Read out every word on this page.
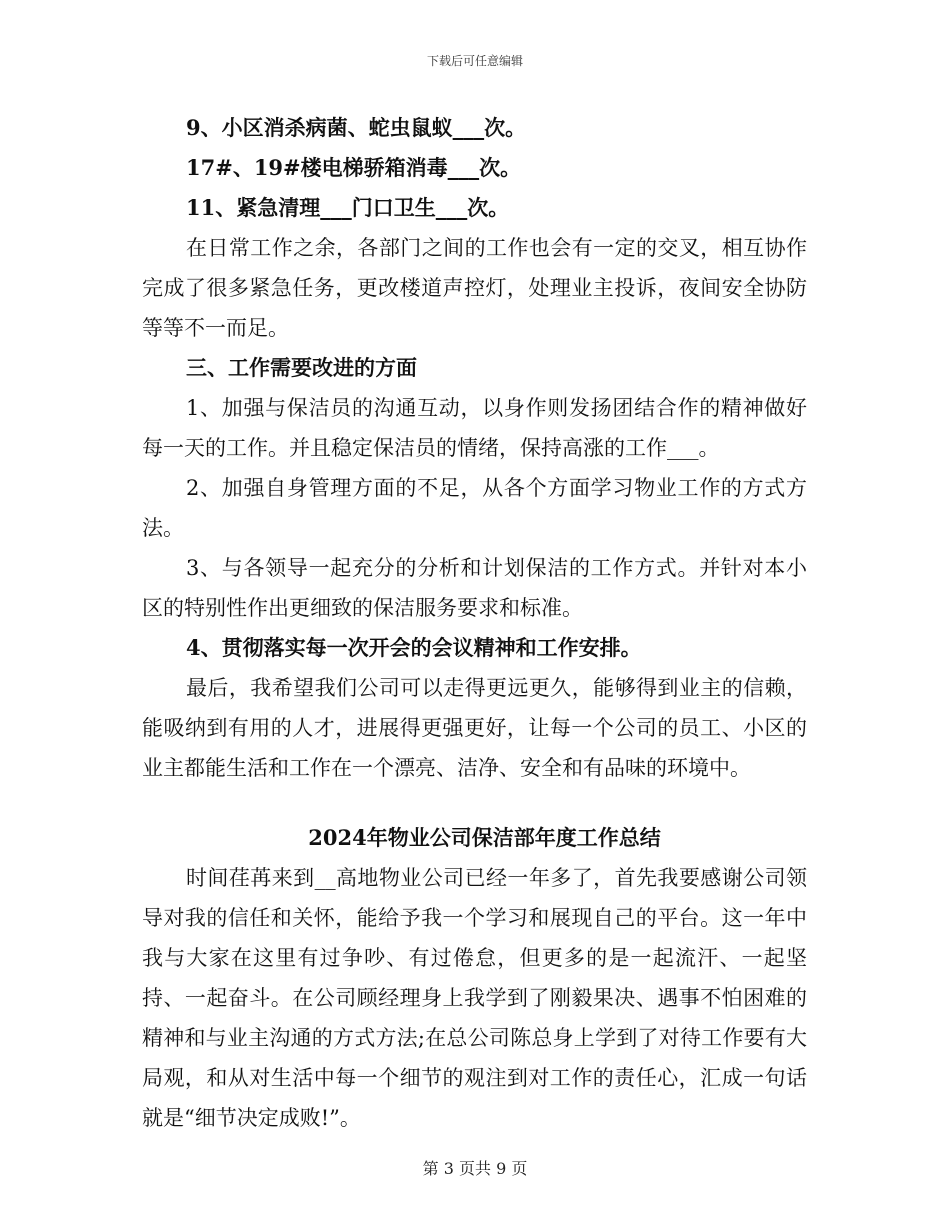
下载后可任意编辑

9、小区消杀病菌、蛇虫鼠蚁___次。

17#、19#楼电梯骄箱消毒___次。

11、紧急清理___门口卫生___次。

在日常工作之余，各部门之间的工作也会有一定的交叉，相互协作完成了很多紧急任务，更改楼道声控灯，处理业主投诉，夜间安全协防等等不一而足。

三、工作需要改进的方面

1、加强与保洁员的沟通互动，以身作则发扬团结合作的精神做好每一天的工作。并且稳定保洁员的情绪，保持高涨的工作___。

2、加强自身管理方面的不足，从各个方面学习物业工作的方式方法。

3、与各领导一起充分的分析和计划保洁的工作方式。并针对本小区的特别性作出更细致的保洁服务要求和标准。

4、贯彻落实每一次开会的会议精神和工作安排。

最后，我希望我们公司可以走得更远更久，能够得到业主的信赖，能吸纳到有用的人才，进展得更强更好，让每一个公司的员工、小区的业主都能生活和工作在一个漂亮、洁净、安全和有品味的环境中。

2024年物业公司保洁部年度工作总结

时间荏苒来到__高地物业公司已经一年多了，首先我要感谢公司领导对我的信任和关怀，能给予我一个学习和展现自己的平台。这一年中我与大家在这里有过争吵、有过倦怠，但更多的是一起流汗、一起坚持、一起奋斗。在公司顾经理身上我学到了刚毅果决、遇事不怕困难的精神和与业主沟通的方式方法;在总公司陈总身上学到了对待工作要有大局观，和从对生活中每一个细节的观注到对工作的责任心，汇成一句话就是“细节决定成败!”。

第 3 页共 9 页
